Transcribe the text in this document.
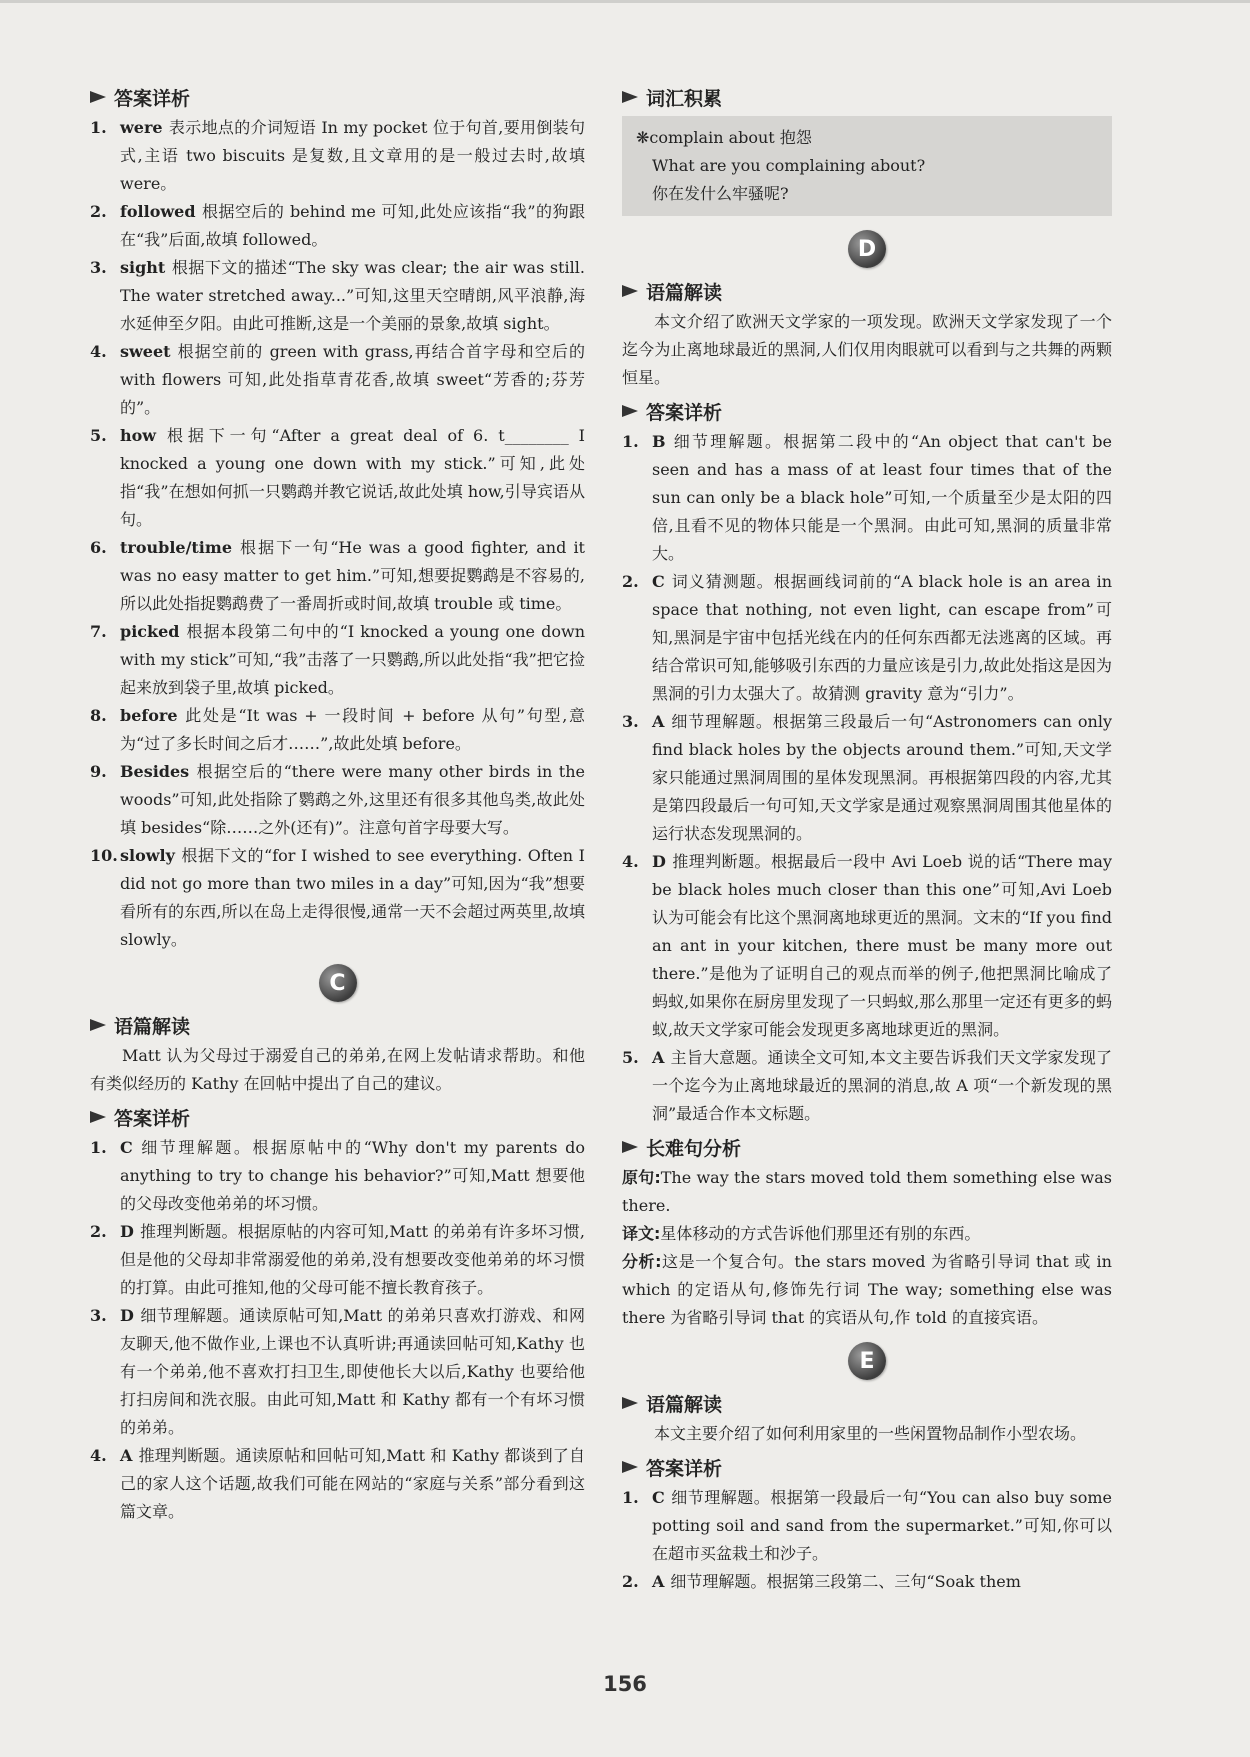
答案详析
1. were 表示地点的介词短语 In my pocket 位于句首,要用倒装句式,主语 two biscuits 是复数,且文章用的是一般过去时,故填 were。
2. followed 根据空后的 behind me 可知,此处应该指“我”的狗跟在“我”后面,故填 followed。
3. sight 根据下文的描述“The sky was clear; the air was still. The water stretched away...”可知,这里天空晴朗,风平浪静,海水延伸至夕阳。由此可推断,这是一个美丽的景象,故填 sight。
4. sweet 根据空前的 green with grass,再结合首字母和空后的 with flowers 可知,此处指草青花香,故填 sweet“芳香的;芬芳的”。
5. how 根据下一句“After a great deal of 6. t________ I knocked a young one down with my stick.”可知,此处指“我”在想如何抓一只鹦鹉并教它说话,故此处填 how,引导宾语从句。
6. trouble/time 根据下一句“He was a good fighter, and it was no easy matter to get him.”可知,想要捉鹦鹉是不容易的,所以此处指捉鹦鹉费了一番周折或时间,故填 trouble 或 time。
7. picked 根据本段第二句中的“I knocked a young one down with my stick”可知,“我”击落了一只鹦鹉,所以此处指“我”把它捡起来放到袋子里,故填 picked。
8. before 此处是“It was + 一段时间 + before 从句”句型,意为“过了多长时间之后才……”,故此处填 before。
9. Besides 根据空后的“there were many other birds in the woods”可知,此处指除了鹦鹉之外,这里还有很多其他鸟类,故此处填 besides“除……之外(还有)”。注意句首字母要大写。
10. slowly 根据下文的“for I wished to see everything. Often I did not go more than two miles in a day”可知,因为“我”想要看所有的东西,所以在岛上走得很慢,通常一天不会超过两英里,故填 slowly。
C
语篇解读
Matt 认为父母过于溺爱自己的弟弟,在网上发帖请求帮助。和他有类似经历的 Kathy 在回帖中提出了自己的建议。
答案详析
1. C 细节理解题。根据原帖中的“Why don't my parents do anything to try to change his behavior?”可知,Matt 想要他的父母改变他弟弟的坏习惯。
2. D 推理判断题。根据原帖的内容可知,Matt 的弟弟有许多坏习惯,但是他的父母却非常溺爱他的弟弟,没有想要改变他弟弟的坏习惯的打算。由此可推知,他的父母可能不擅长教育孩子。
3. D 细节理解题。通读原帖可知,Matt 的弟弟只喜欢打游戏、和网友聊天,他不做作业,上课也不认真听讲;再通读回帖可知,Kathy 也有一个弟弟,他不喜欢打扫卫生,即使他长大以后,Kathy 也要给他打扫房间和洗衣服。由此可知,Matt 和 Kathy 都有一个有坏习惯的弟弟。
4. A 推理判断题。通读原帖和回帖可知,Matt 和 Kathy 都谈到了自己的家人这个话题,故我们可能在网站的“家庭与关系”部分看到这篇文章。
词汇积累
❋complain about 抱怨
What are you complaining about?
你在发什么牢骚呢?
D
语篇解读
本文介绍了欧洲天文学家的一项发现。欧洲天文学家发现了一个迄今为止离地球最近的黑洞,人们仅用肉眼就可以看到与之共舞的两颗恒星。
答案详析
1. B 细节理解题。根据第二段中的“An object that can't be seen and has a mass of at least four times that of the sun can only be a black hole”可知,一个质量至少是太阳的四倍,且看不见的物体只能是一个黑洞。由此可知,黑洞的质量非常大。
2. C 词义猜测题。根据画线词前的“A black hole is an area in space that nothing, not even light, can escape from”可知,黑洞是宇宙中包括光线在内的任何东西都无法逃离的区域。再结合常识可知,能够吸引东西的力量应该是引力,故此处指这是因为黑洞的引力太强大了。故猜测 gravity 意为“引力”。
3. A 细节理解题。根据第三段最后一句“Astronomers can only find black holes by the objects around them.”可知,天文学家只能通过黑洞周围的星体发现黑洞。再根据第四段的内容,尤其是第四段最后一句可知,天文学家是通过观察黑洞周围其他星体的运行状态发现黑洞的。
4. D 推理判断题。根据最后一段中 Avi Loeb 说的话“There may be black holes much closer than this one”可知,Avi Loeb 认为可能会有比这个黑洞离地球更近的黑洞。文末的“If you find an ant in your kitchen, there must be many more out there.”是他为了证明自己的观点而举的例子,他把黑洞比喻成了蚂蚁,如果你在厨房里发现了一只蚂蚁,那么那里一定还有更多的蚂蚁,故天文学家可能会发现更多离地球更近的黑洞。
5. A 主旨大意题。通读全文可知,本文主要告诉我们天文学家发现了一个迄今为止离地球最近的黑洞的消息,故 A 项“一个新发现的黑洞”最适合作本文标题。
长难句分析
原句:The way the stars moved told them something else was there.
译文:星体移动的方式告诉他们那里还有别的东西。
分析:这是一个复合句。the stars moved 为省略引导词 that 或 in which 的定语从句,修饰先行词 The way; something else was there 为省略引导词 that 的宾语从句,作 told 的直接宾语。
E
语篇解读
本文主要介绍了如何利用家里的一些闲置物品制作小型农场。
答案详析
1. C 细节理解题。根据第一段最后一句“You can also buy some potting soil and sand from the supermarket.”可知,你可以在超市买盆栽土和沙子。
2. A 细节理解题。根据第三段第二、三句“Soak them
156
